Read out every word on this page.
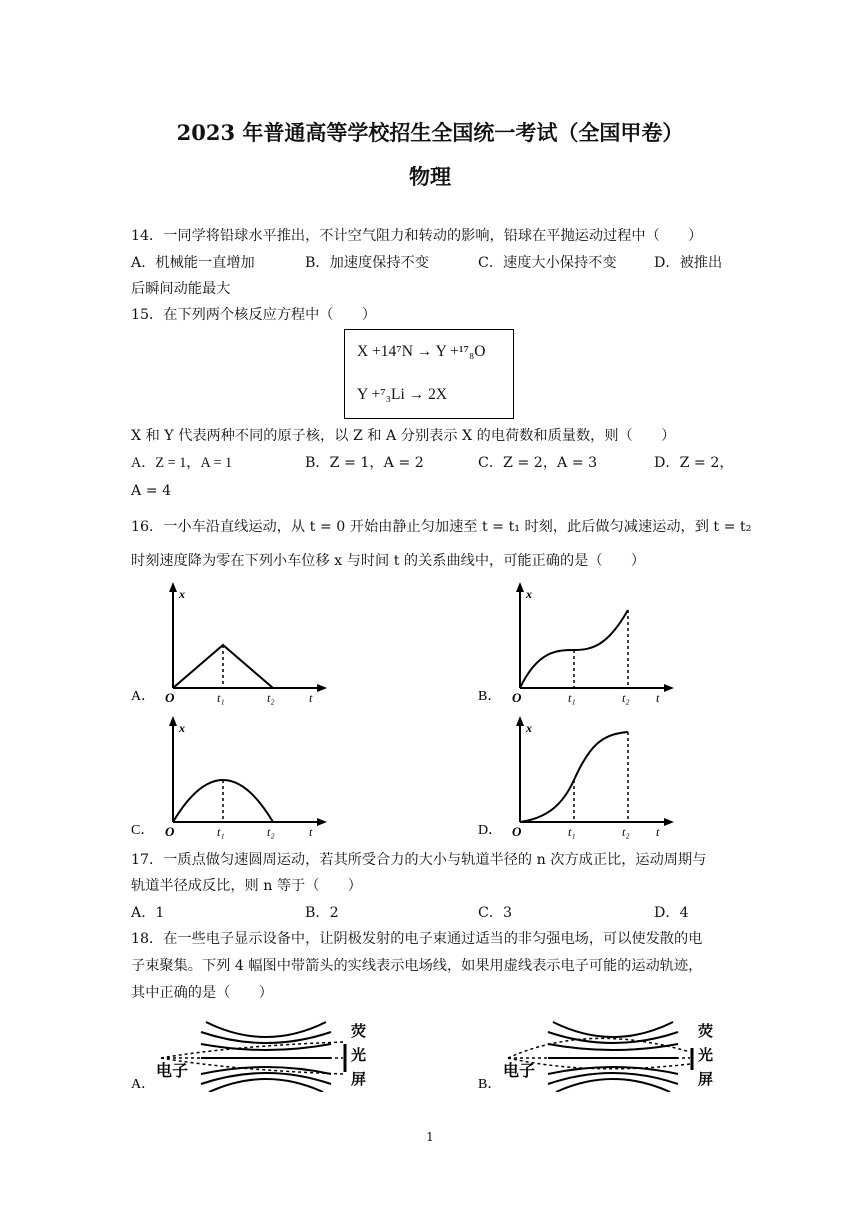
2023 年普通高等学校招生全国统一考试（全国甲卷）
物理
14．一同学将铅球水平推出，不计空气阻力和转动的影响，铅球在平抛运动过程中（　　）
A．机械能一直增加	B．加速度保持不变	C．速度大小保持不变	D．被推出
后瞬间动能最大
15．在下列两个核反应方程中（　　）
X +14⁷N → Y +¹⁷₈O
Y +⁷₃Li → 2X
X 和 Y 代表两种不同的原子核，以 Z 和 A 分别表示 X 的电荷数和质量数，则（　　）
A．Z = 1，A = 1	B．Z = 1，A = 2	C．Z = 2，A = 3	D．Z = 2，
A = 4
16．一小车沿直线运动，从 t = 0 开始由静止匀加速至 t = t₁ 时刻，此后做匀减速运动，到 t = t₂
时刻速度降为零在下列小车位移 x 与时间 t 的关系曲线中，可能正确的是（　　）
A．
x
O	t₁	t₂	t	B．
x
O	t₁	t₂ t
C．
x
O	t₁	t₂	t	D．
x
O	t₁	t₂ t
17．一质点做匀速圆周运动，若其所受合力的大小与轨道半径的 n 次方成正比，运动周期与
轨道半径成反比，则 n 等于（　　）
A．1	B．2	C．3	D．4
18．在一些电子显示设备中，让阴极发射的电子束通过适当的非匀强电场，可以使发散的电
子束聚集。下列 4 幅图中带箭头的实线表示电场线，如果用虚线表示电子可能的运动轨迹，
其中正确的是（　　）
A．
电子
荧
光
屏	B．
电子
荧
光
屏
1
